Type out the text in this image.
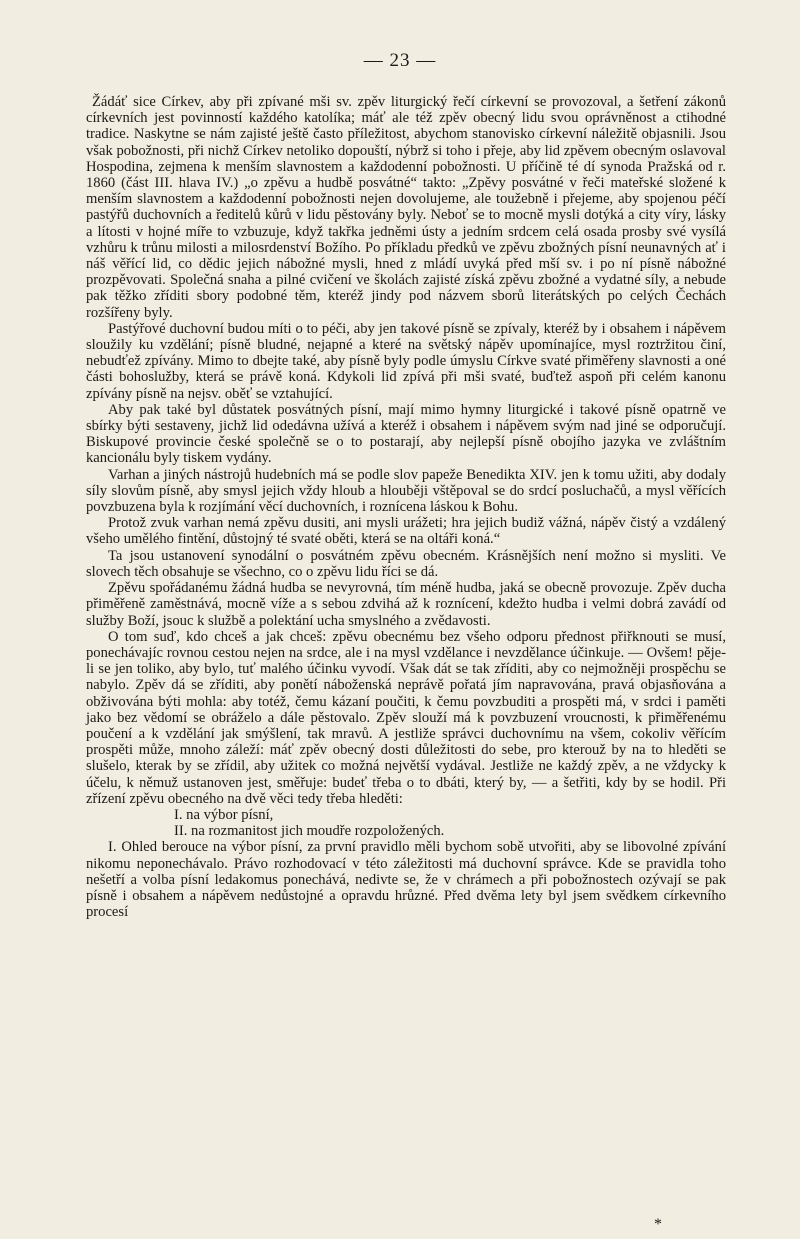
— 23 —

Žádáť sice Církev, aby při zpívané mši sv. zpěv liturgický řečí církevní se provozoval, a šetření zákonů církevních jest povinností každého katolíka; máť ale též zpěv obecný lidu svou oprávněnost a ctihodné tradice. Naskytne se nám zajisté ještě často příležitost, abychom stanovisko církevní náležitě objasnili. Jsou však pobožnosti, při nichž Církev netoliko dopouští, nýbrž si toho i přeje, aby lid zpěvem obecným oslavoval Hospodina, zejmena k menším slavnostem a každodenní pobožnosti. U příčině té dí synoda Pražská od r. 1860 (část III. hlava IV.) „o zpěvu a hudbě posvátné“ takto: „Zpěvy posvátné v řeči mateřské složené k menším slavnostem a každodenní pobožnosti nejen dovolujeme, ale toužebně i přejeme, aby spojenou péčí pastýřů duchovních a ředitelů kůrů v lidu pěstovány byly. Neboť se to mocně mysli dotýká a city víry, lásky a lítosti v hojné míře to vzbuzuje, když takřka jedněmi ústy a jedním srdcem celá osada prosby své vysílá vzhůru k trůnu milosti a milosrdenství Božího. Po příkladu předků ve zpěvu zbožných písní neunavných ať i náš věřící lid, co dědic jejich nábožné mysli, hned z mládí uvyká před mší sv. i po ní písně nábožné prozpěvovati. Společná snaha a pilné cvičení ve školách zajisté získá zpěvu zbožné a vydatné síly, a nebude pak těžko zříditi sbory podobné těm, kteréž jindy pod názvem sborů literátských po celých Čechách rozšířeny byly.

Pastýřové duchovní budou míti o to péči, aby jen takové písně se zpívaly, kteréž by i obsahem i nápěvem sloužily ku vzdělání; písně bludné, nejapné a které na světský nápěv upomínajíce, mysl roztržitou činí, nebudťež zpívány. Mimo to dbejte také, aby písně byly podle úmyslu Církve svaté přiměřeny slavnosti a oné části bohoslužby, která se právě koná. Kdykoli lid zpívá při mši svaté, buďtež aspoň při celém kanonu zpívány písně na nejsv. oběť se vztahující.

Aby pak také byl důstatek posvátných písní, mají mimo hymny liturgické i takové písně opatrně ve sbírky býti sestaveny, jichž lid odedávna užívá a kteréž i obsahem i nápěvem svým nad jiné se odporučují. Biskupové provincie české společně se o to postarají, aby nejlepší písně obojího jazyka ve zvláštním kancionálu byly tiskem vydány.

Varhan a jiných nástrojů hudebních má se podle slov papeže Benedikta XIV. jen k tomu užiti, aby dodaly síly slovům písně, aby smysl jejich vždy hloub a hlouběji vštěpoval se do srdcí posluchačů, a mysl věřících povzbuzena byla k rozjímání věcí duchovních, i roznícena láskou k Bohu.

Protož zvuk varhan nemá zpěvu dusiti, ani mysli urážeti; hra jejich budiž vážná, nápěv čistý a vzdálený všeho umělého fintění, důstojný té svaté oběti, která se na oltáři koná.“

Ta jsou ustanovení synodální o posvátném zpěvu obecném. Krásnějších není možno si mysliti. Ve slovech těch obsahuje se všechno, co o zpěvu lidu říci se dá.

Zpěvu spořádanému žádná hudba se nevyrovná, tím méně hudba, jaká se obecně provozuje. Zpěv ducha přiměřeně zaměstnává, mocně víže a s sebou zdvihá až k roznícení, kdežto hudba i velmi dobrá zavádí od služby Boží, jsouc k službě a polektání ucha smyslného a zvědavosti.

O tom suď, kdo chceš a jak chceš: zpěvu obecnému bez všeho odporu přednost přiřknouti se musí, ponechávajíc rovnou cestou nejen na srdce, ale i na mysl vzdělance i nevzdělance účinkuje. — Ovšem! pěje-li se jen toliko, aby bylo, tuť malého účinku vyvodí. Však dát se tak zříditi, aby co nejmožněji prospěchu se nabylo. Zpěv dá se zříditi, aby ponětí náboženská neprávě pořatá jím napravována, pravá objasňována a obživována býti mohla: aby totéž, čemu kázaní poučiti, k čemu povzbuditi a prospěti má, v srdci i paměti jako bez vědomí se obráželo a dále pěstovalo. Zpěv slouží má k povzbuzení vroucnosti, k přiměřenému poučení a k vzdělání jak smýšlení, tak mravů. A jestliže správci duchovnímu na všem, cokoliv věřícím prospěti může, mnoho záleží: máť zpěv obecný dosti důležitosti do sebe, pro kterouž by na to hleděti se slušelo, kterak by se zřídil, aby užitek co možná největší vydával. Jestliže ne každý zpěv, a ne vždycky k účelu, k němuž ustanoven jest, směřuje: budeť třeba o to dbáti, který by, — a šetřiti, kdy by se hodil. Při zřízení zpěvu obecného na dvě věci tedy třeba hleděti:

I. na výbor písní,

II. na rozmanitost jich moudře rozpoložených.

I. Ohled berouce na výbor písní, za první pravidlo měli bychom sobě utvořiti, aby se libovolné zpívání nikomu neponechávalo. Právo rozhodovací v této záležitosti má duchovní správce. Kde se pravidla toho nešetří a volba písní ledakomus ponechává, nedivte se, že v chrámech a při pobožnostech ozývají se pak písně i obsahem a nápěvem nedůstojné a opravdu hrůzné. Před dvěma lety byl jsem svědkem církevního procesí

*
